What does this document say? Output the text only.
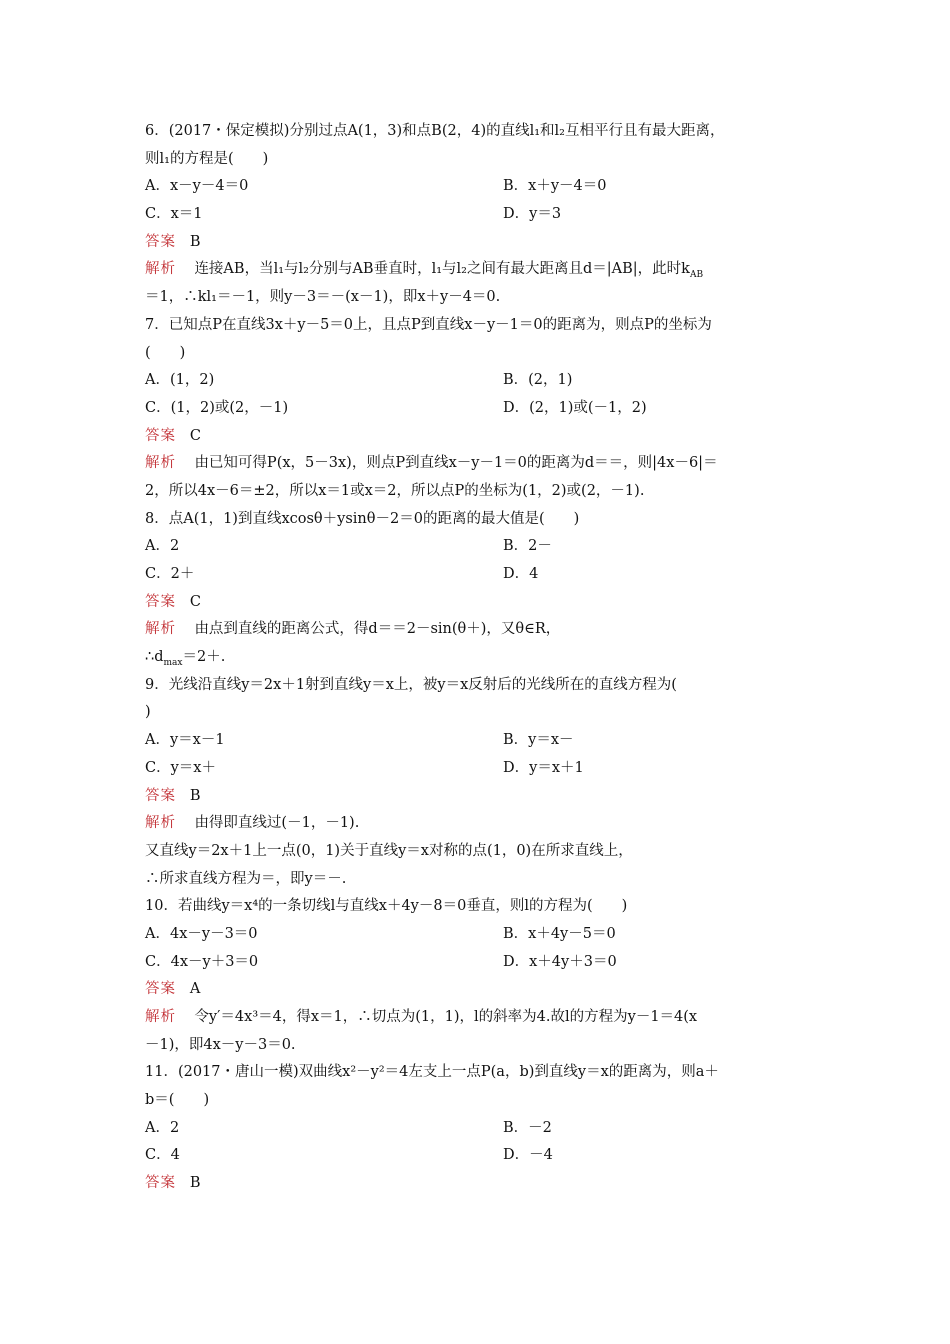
6．(2017・保定模拟)分别过点A(1，3)和点B(2，4)的直线l₁和l₂互相平行且有最大距离，
则l₁的方程是(　　)
A．x－y－4＝0	B．x＋y－4＝0
C．x＝1	D．y＝3
答案 B
解析 连接AB，当l₁与l₂分别与AB垂直时，l₁与l₂之间有最大距离且d＝|AB|，此时$k_{AB}$
＝1，∴kl₁＝－1，则y－3＝－(x－1)，即x＋y－4＝0.
7．已知点P在直线3x＋y－5＝0上，且点P到直线x－y－1＝0的距离为，则点P的坐标为
(　　)
A．(1，2)	B．(2，1)
C．(1，2)或(2，－1)	D．(2，1)或(－1，2)
答案 C
解析 由已知可得P(x，5－3x)，则点P到直线x－y－1＝0的距离为d＝＝，则|4x－6|＝
2，所以4x－6＝±2，所以x＝1或x＝2，所以点P的坐标为(1，2)或(2，－1).
8．点A(1，1)到直线xcosθ＋ysinθ－2＝0的距离的最大值是(　　)
A．2	B．2－
C．2＋	D．4
答案 C
解析 由点到直线的距离公式，得d＝＝2－sin(θ＋)，又θ∈R，
$\therefore d_{max}=2+$.
9．光线沿直线y＝2x＋1射到直线y＝x上，被y＝x反射后的光线所在的直线方程为(
)
A．y＝x－1	B．y＝x－
C．y＝x＋	D．y＝x＋1
答案 B
解析 由得即直线过(－1，－1).
又直线y＝2x＋1上一点(0，1)关于直线y＝x对称的点(1，0)在所求直线上，
∴所求直线方程为＝，即y＝－.
10．若曲线y＝x⁴的一条切线l与直线x＋4y－8＝0垂直，则l的方程为(　　)
A．4x－y－3＝0	B．x＋4y－5＝0
C．4x－y＋3＝0	D．x＋4y＋3＝0
答案 A
解析 令y′＝4x³＝4，得x＝1，∴切点为(1，1)，l的斜率为4.故l的方程为y－1＝4(x
－1)，即4x－y－3＝0.
11．(2017・唐山一模)双曲线x²－y²＝4左支上一点P(a，b)到直线y＝x的距离为，则a＋
b＝(　　)
A．2	B．－2
C．4	D．－4
答案 B
